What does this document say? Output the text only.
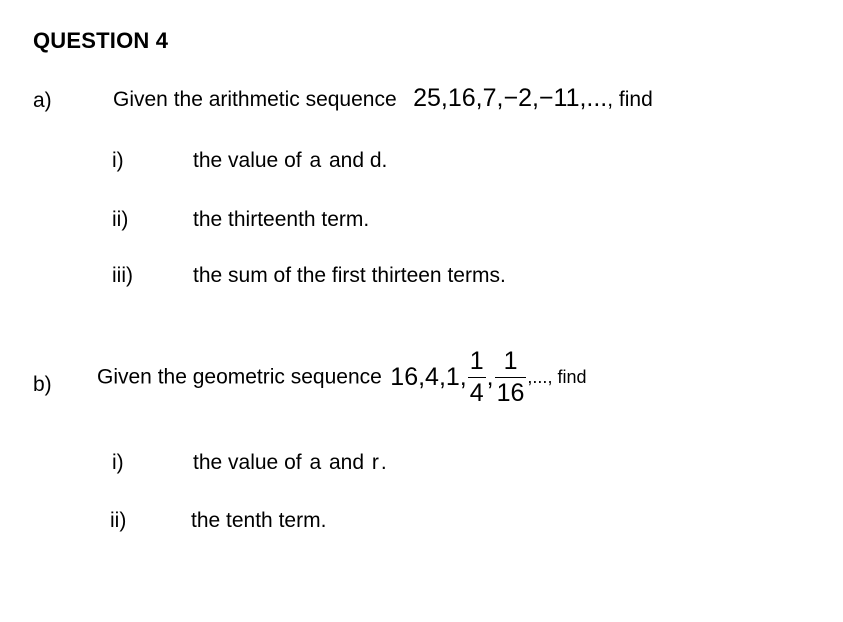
QUESTION 4
a)	Given the arithmetic sequence 25,16,7,−2,−11,..., find
i)	the value of a and d.
ii)	the thirteenth term.
iii)	the sum of the first thirteen terms.
b) Given the geometric sequence 16,4,1, $\frac{1}{4}$ , $\frac{1}{16}$ ,..., find
i)	the value of a and r.
ii)	the tenth term.
